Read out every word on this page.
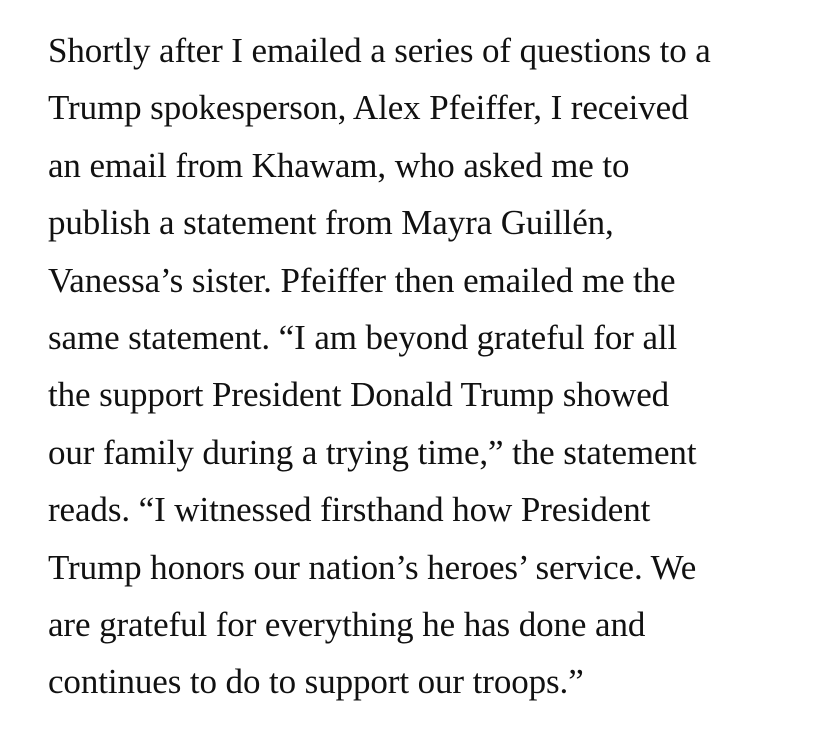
Shortly after I emailed a series of questions to a
Trump spokesperson, Alex Pfeiffer, I received
an email from Khawam, who asked me to
publish a statement from Mayra Guillén,
Vanessa’s sister. Pfeiffer then emailed me the
same statement. “I am beyond grateful for all
the support President Donald Trump showed
our family during a trying time,” the statement
reads. “I witnessed firsthand how President
Trump honors our nation’s heroes’ service. We
are grateful for everything he has done and
continues to do to support our troops.”
